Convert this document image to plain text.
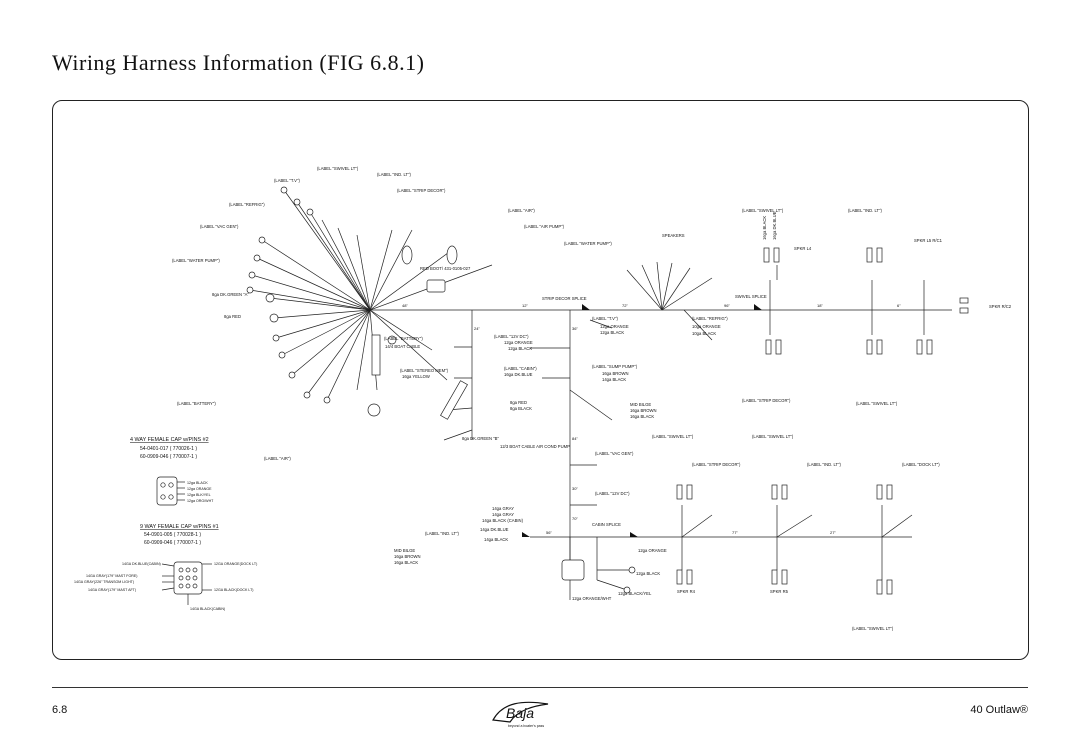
Wiring Harness Information (FIG 6.8.1)
(LABEL "T.V")
(LABEL "SWIVEL LT")
(LABEL "IND. LT")
(LABEL "STRIP DECOR")
(LABEL "REFRIG")
(LABEL "VAC GEN")
(LABEL "AIR")
(LABEL "AIR PUMP")
(LABEL "WATER PUMP")
(LABEL "WATER PUMP")
(LABEL "BATTERY")
(LABEL "BATTERY")	(LABEL "12V DC")
(LABEL "STEREO MEM")	(LABEL "CABIN")	(LABEL "SUMP PUMP")
(LABEL "REFRIG")
(LABEL "T.V")
(LABEL "AIR")
(LABEL "VAC GEN")
(LABEL "12V DC")
(LABEL "SWIVEL LT")
(LABEL "SWIVEL LT")
(LABEL "SWIVEL LT")	(LABEL "SWIVEL LT")
(LABEL "SWIVEL LT")
(LABEL "STRIP DECOR")
(LABEL "STRIP DECOR")
(LABEL "IND. LT")
(LABEL "IND. LT")
(LABEL "IND. LT")
(LABEL "DOCK LT")
SPEAKERS
SPKR L4
SPKR L5 R/C1
SPKR R4	SPKR R5
SPKR R/C2
RED BOOT\ 431-0105-027
STRIP DECOR SPLICE	SWIVEL SPLICE
CABIN SPLICE
14/4 BOAT CABLE
12/3 BOAT CABLE AIR COND PUMP
MID BILGE
MID BILGE
16ga BROWN
16ga BLACK
16ga BROWN
16ga BLACK
12ga ORANGE
12ga BLACK
12ga ORANGE
12ga BLACK
10ga ORANGE
10ga BLACK
16ga DK.BLUE	16ga BROWN
14ga BLACK
16ga YELLOW
8ga RED
8ga BLACK
8ga DK.GREEN "B"
8ga DK.GREEN "A"
8ga RED
14ga GRAY
14ga GRAY
14ga BLACK (CABIN)
14ga DK.BLUE
14ga BLACK
12ga ORANGE
12ga BLACK
12ga ORANGE/WHT
12ga BLACK/YEL
16ga BLACK 16ga DK.BLUE
4 WAY FEMALE CAP w/PINS #2
54-0401-017 ( 770026-1 )
60-0909-046 ( 770007-1 )
12ga BLACK
12ga ORANGE
12ga BLK/YEL
12ga ORG/WHT
9 WAY FEMALE CAP w/PINS #1
54-0901-005 ( 770028-1 )
60-0909-046 ( 770007-1 )
14GA DK.BLUE(CABIN)
14GA GRAY(179" MAST FORE)
14GA GRAY(226" TRANSOM LIGHT)
14GA GRAY(179" MAST AFT)
12GA ORANGE(DOCK LT)
12GA BLACK(DOCK LT)
14GA BLACK(CABIN)
48"	72"	96"	18"	6"
12"
24"	36"
77"	27"
56"
84"
30"
70"
6.8	Baja
beyond a boater's pass
40 Outlaw®
